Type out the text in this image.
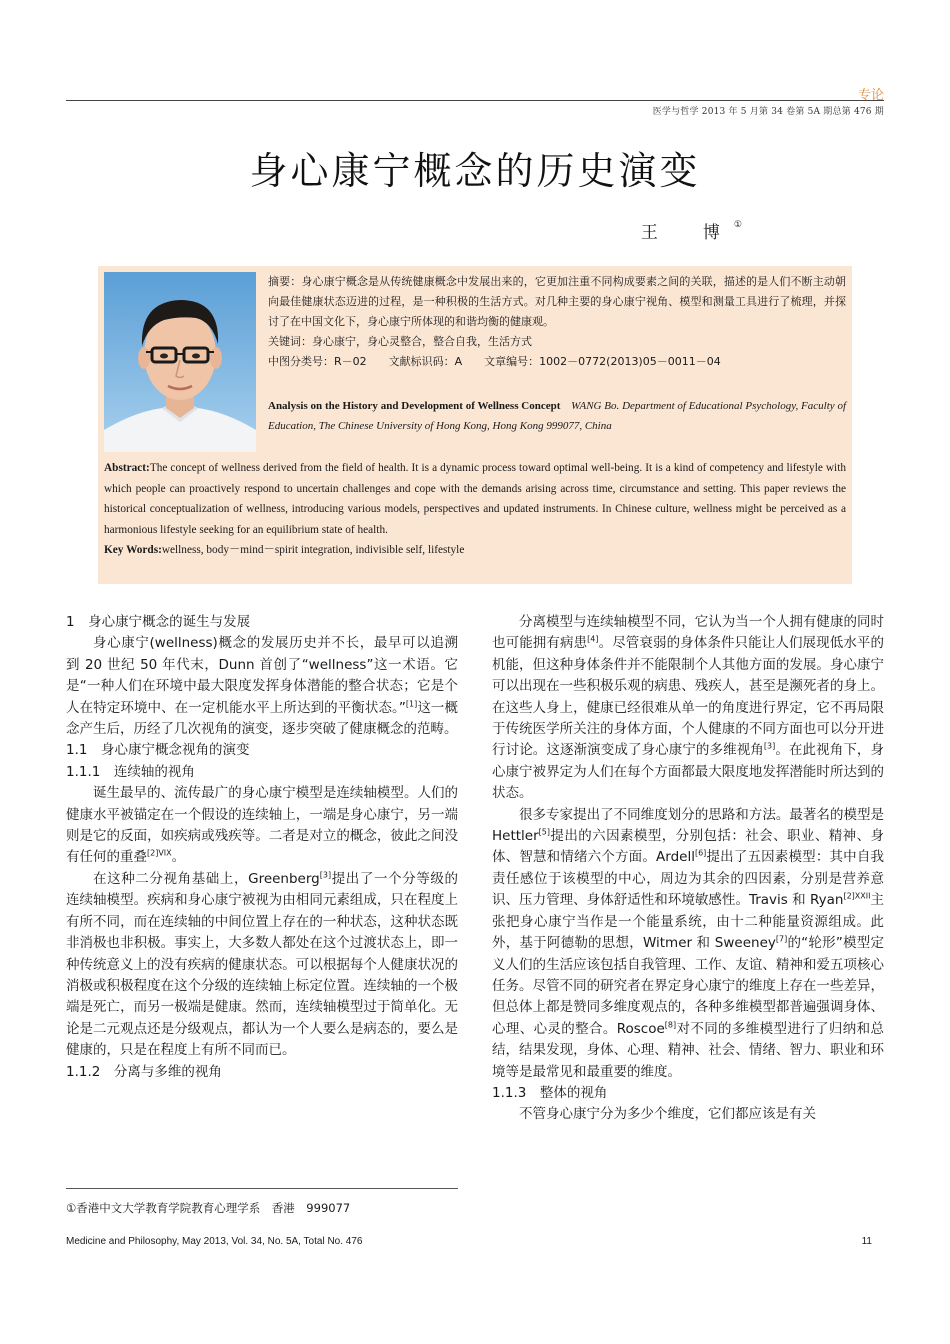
专论
医学与哲学 2013 年 5 月第 34 卷第 5A 期总第 476 期
身心康宁概念的历史演变
王　博①

摘要：身心康宁概念是从传统健康概念中发展出来的，它更加注重不同构成要素之间的关联，描述的是人们不断主动朝向最佳健康状态迈进的过程，是一种积极的生活方式。对几种主要的身心康宁视角、模型和测量工具进行了梳理，并探讨了在中国文化下，身心康宁所体现的和谐均衡的健康观。

关键词：身心康宁，身心灵整合，整合自我，生活方式

中图分类号：R－02　　文献标识码：A　　文章编号：1002－0772(2013)05－0011－04

Analysis on the History and Development of Wellness Concept WANG Bo. Department of Educational Psychology, Faculty of Education, The Chinese University of Hong Kong, Hong Kong 999077, China

Abstract:The concept of wellness derived from the field of health. It is a dynamic process toward optimal well-being. It is a kind of competency and lifestyle with which people can proactively respond to uncertain challenges and cope with the demands arising across time, circumstance and setting. This paper reviews the historical conceptualization of wellness, introducing various models, perspectives and updated instruments. In Chinese culture, wellness might be perceived as a harmonious lifestyle seeking for an equilibrium state of health.

Key Words:wellness, body－mind－spirit integration, indivisible self, lifestyle

1　身心康宁概念的诞生与发展

身心康宁(wellness)概念的发展历史并不长，最早可以追溯到 20 世纪 50 年代末，Dunn 首创了“wellness”这一术语。它是“一种人们在环境中最大限度发挥身体潜能的整合状态；它是个人在特定环境中、在一定机能水平上所达到的平衡状态。”[1]这一概念产生后，历经了几次视角的演变，逐步突破了健康概念的范畴。

1.1　身心康宁概念视角的演变

1.1.1　连续轴的视角

诞生最早的、流传最广的身心康宁模型是连续轴模型。人们的健康水平被锚定在一个假设的连续轴上，一端是身心康宁，另一端则是它的反面，如疾病或残疾等。二者是对立的概念，彼此之间没有任何的重叠$^{[2]VIX}$。

在这种二分视角基础上，Greenberg[3]提出了一个分等级的连续轴模型。疾病和身心康宁被视为由相同元素组成，只在程度上有所不同，而在连续轴的中间位置上存在的一种状态，这种状态既非消极也非积极。事实上，大多数人都处在这个过渡状态上，即一种传统意义上的没有疾病的健康状态。可以根据每个人健康状况的消极或积极程度在这个分级的连续轴上标定位置。连续轴的一个极端是死亡，而另一极端是健康。然而，连续轴模型过于简单化。无论是二元观点还是分级观点，都认为一个人要么是病态的，要么是健康的，只是在程度上有所不同而已。

1.1.2　分离与多维的视角

分离模型与连续轴模型不同，它认为当一个人拥有健康的同时也可能拥有病患[4]。尽管衰弱的身体条件只能让人们展现低水平的机能，但这种身体条件并不能限制个人其他方面的发展。身心康宁可以出现在一些积极乐观的病患、残疾人，甚至是濒死者的身上。在这些人身上，健康已经很难从单一的角度进行界定，它不再局限于传统医学所关注的身体方面，个人健康的不同方面也可以分开进行讨论。这逐渐演变成了身心康宁的多维视角[3]。在此视角下，身心康宁被界定为人们在每个方面都最大限度地发挥潜能时所达到的状态。

很多专家提出了不同维度划分的思路和方法。最著名的模型是 Hettler[5]提出的六因素模型，分别包括：社会、职业、精神、身体、智慧和情绪六个方面。Ardell[6]提出了五因素模型：其中自我责任感位于该模型的中心，周边为其余的四因素，分别是营养意识、压力管理、身体舒适性和环境敏感性。Travis 和 Ryan$^{[2]XXII}$主张把身心康宁当作是一个能量系统，由十二种能量资源组成。此外，基于阿德勒的思想，Witmer 和 Sweeney[7]的“轮形”模型定义人们的生活应该包括自我管理、工作、友谊、精神和爱五项核心任务。尽管不同的研究者在界定身心康宁的维度上存在一些差异，但总体上都是赞同多维度观点的，各种多维模型都普遍强调身体、心理、心灵的整合。Roscoe[8]对不同的多维模型进行了归纳和总结，结果发现，身体、心理、精神、社会、情绪、智力、职业和环境等是最常见和最重要的维度。

1.1.3　整体的视角

不管身心康宁分为多少个维度，它们都应该是有关

①香港中文大学教育学院教育心理学系　香港　999077
Medicine and Philosophy, May 2013, Vol. 34, No. 5A, Total No. 476	11
